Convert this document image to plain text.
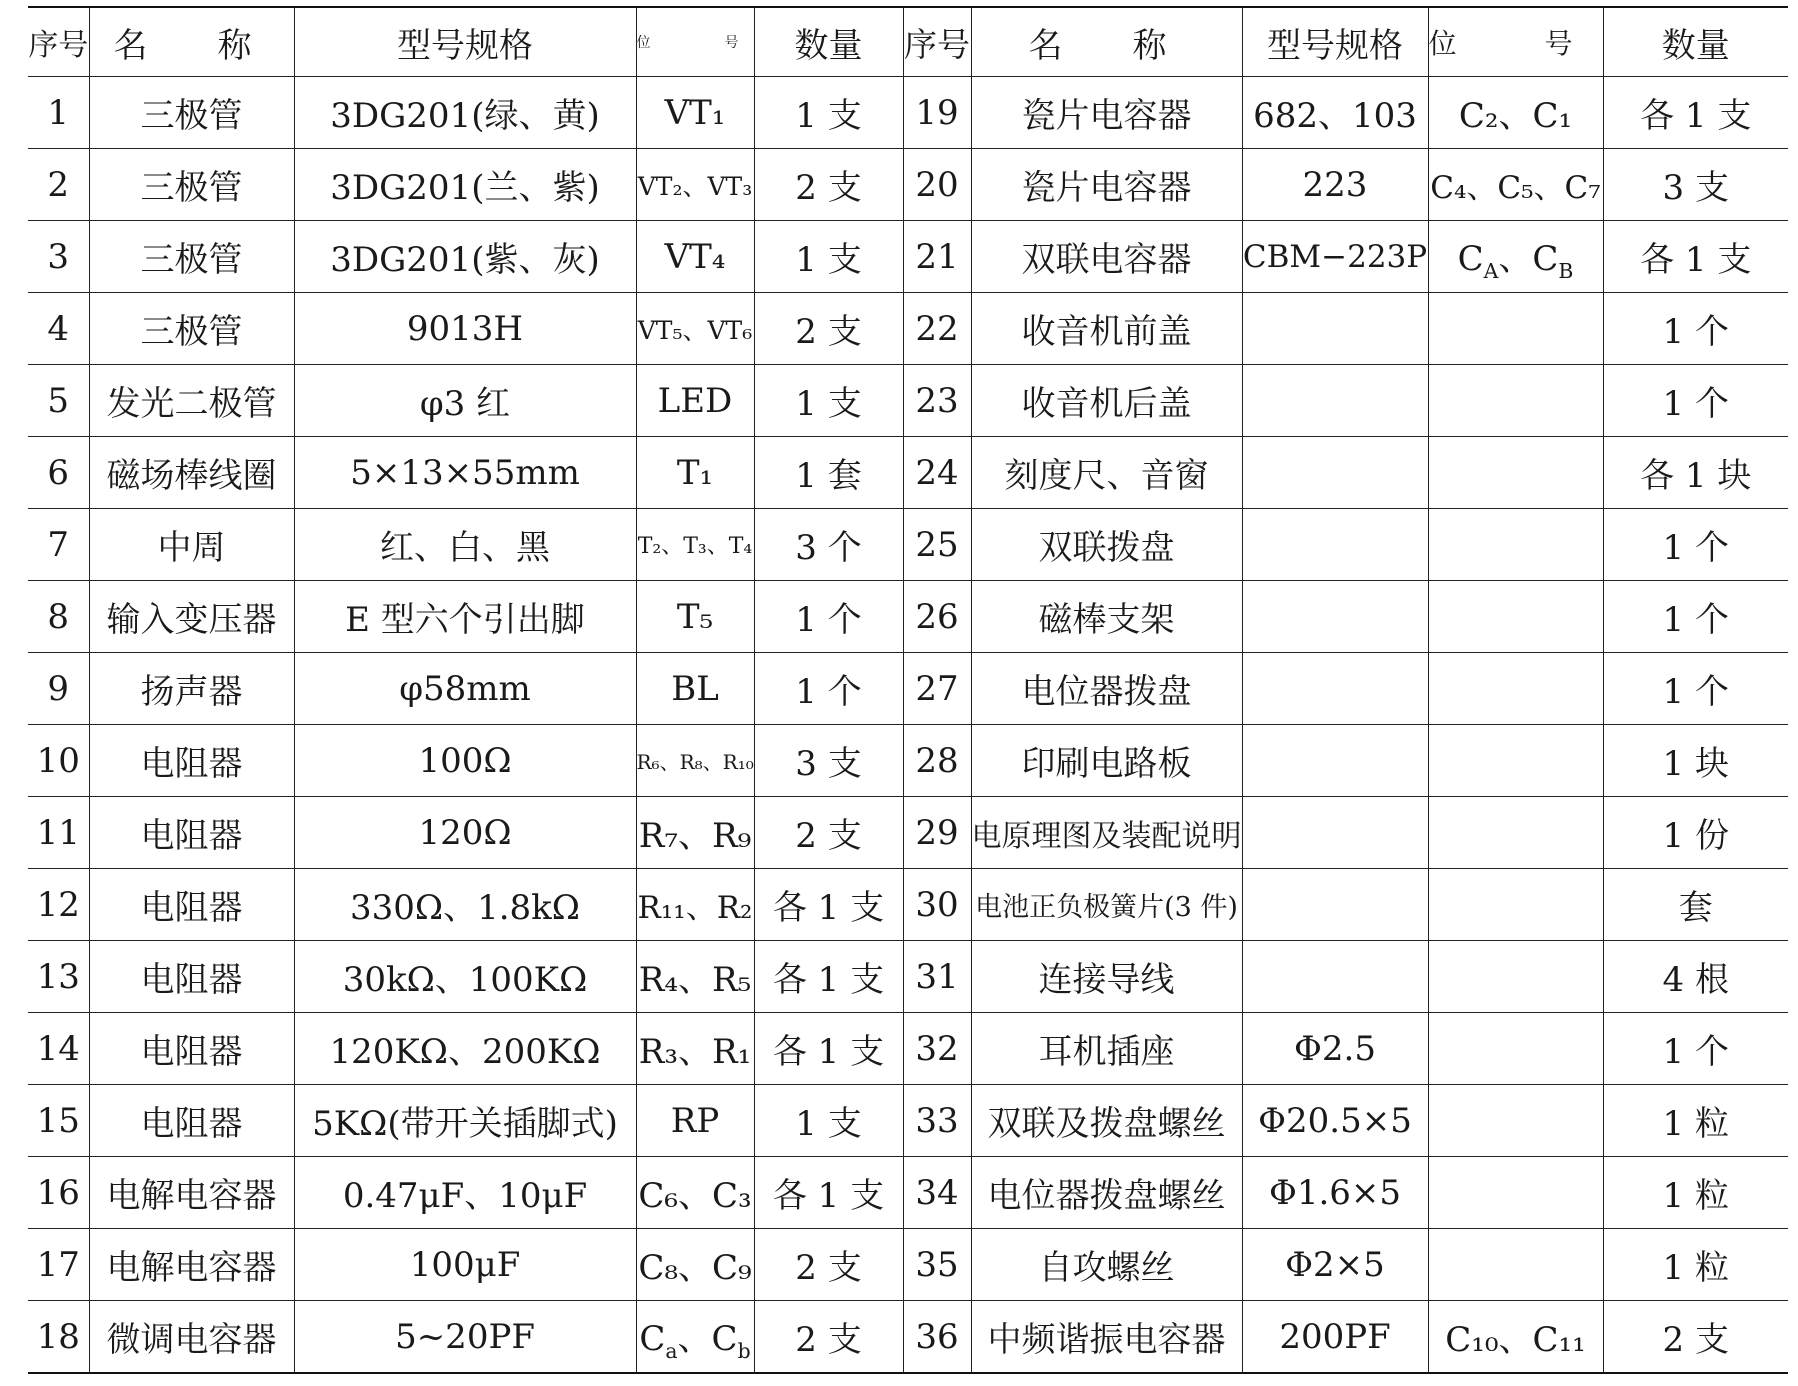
序号	名　称	型号规格	位　号	数量	序号	名　称	型号规格	位　号	数量
1	三极管	3DG201(绿、黄)	VT₁	1 支	19	瓷片电容器	682、103	C₂、C₁	各 1 支
2	三极管	3DG201(兰、紫)	VT₂、VT₃	2 支	20	瓷片电容器	223	C₄、C₅、C₇	3 支
3	三极管	3DG201(紫、灰)	VT₄	1 支	21	双联电容器	CBM−223P	$C_A$、$C_B$	各 1 支
4	三极管	9013H	VT₅、VT₆	2 支	22	收音机前盖			1 个
5	发光二极管	φ3 红	LED	1 支	23	收音机后盖			1 个
6	磁场棒线圈	5×13×55mm	T₁	1 套	24	刻度尺、音窗			各 1 块
7	中周	红、白、黑	T₂、T₃、T₄	3 个	25	双联拨盘			1 个
8	输入变压器	E 型六个引出脚	T₅	1 个	26	磁棒支架			1 个
9	扬声器	φ58mm	BL	1 个	27	电位器拨盘			1 个
10	电阻器	100Ω	R₆、R₈、R₁₀	3 支	28	印刷电路板			1 块
11	电阻器	120Ω	R₇、R₉	2 支	29	电原理图及装配说明			1 份
12	电阻器	330Ω、1.8kΩ	R₁₁、R₂	各 1 支	30	电池正负极簧片(3 件)			套
13	电阻器	30kΩ、100KΩ	R₄、R₅	各 1 支	31	连接导线			4 根
14	电阻器	120KΩ、200KΩ	R₃、R₁	各 1 支	32	耳机插座	Φ2.5		1 个
15	电阻器	5KΩ(带开关插脚式)	RP	1 支	33	双联及拨盘螺丝	Φ20.5×5		1 粒
16	电解电容器	0.47μF、10μF	C₆、C₃	各 1 支	34	电位器拨盘螺丝	Φ1.6×5		1 粒
17	电解电容器	100μF	C₈、C₉	2 支	35	自攻螺丝	Φ2×5		1 粒
18	微调电容器	5~20PF	$C_a$、$C_b$	2 支	36	中频谐振电容器	200PF	C₁₀、C₁₁	2 支
